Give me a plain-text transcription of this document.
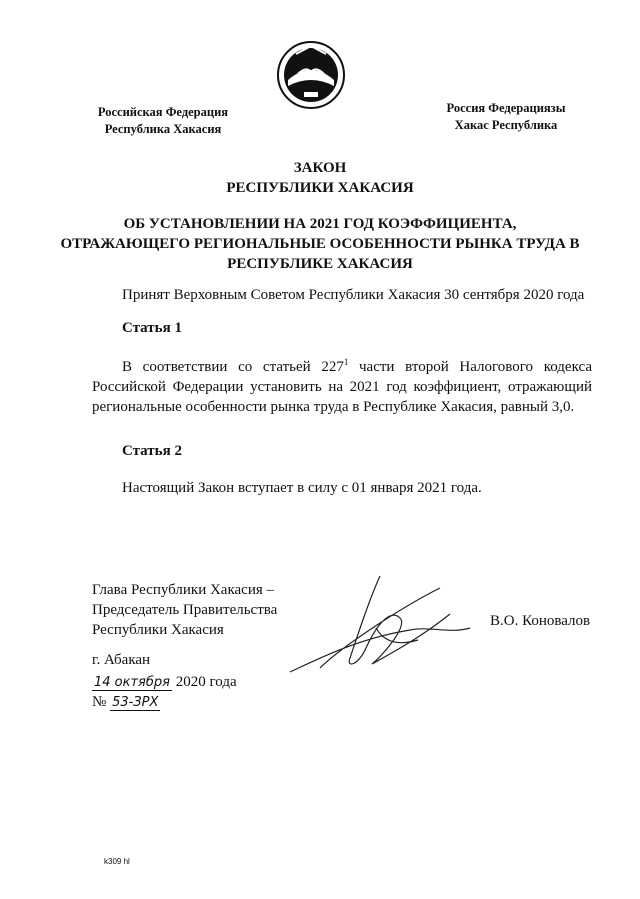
Российская Федерация
Республика Хакасия
Россия Федерациязы
Хакас Республика
ЗАКОН
РЕСПУБЛИКИ ХАКАСИЯ
ОБ УСТАНОВЛЕНИИ НА 2021 ГОД КОЭФФИЦИЕНТА, ОТРАЖАЮЩЕГО РЕГИОНАЛЬНЫЕ ОСОБЕННОСТИ РЫНКА ТРУДА В РЕСПУБЛИКЕ ХАКАСИЯ
Принят Верховным Советом Республики Хакасия 30 сентября 2020 года
Статья 1
В соответствии со статьей $227^1$ части второй Налогового кодекса Российской Федерации установить на 2021 год коэффициент, отражающий региональные особенности рынка труда в Республике Хакасия, равный 3,0.
Статья 2
Настоящий Закон вступает в силу с 01 января 2021 года.
Глава Республики Хакасия –
Председатель Правительства
Республики Хакасия
В.О. Коновалов
г. Абакан
14 октября 2020 года
№ 53-ЗРХ
k309 hl
